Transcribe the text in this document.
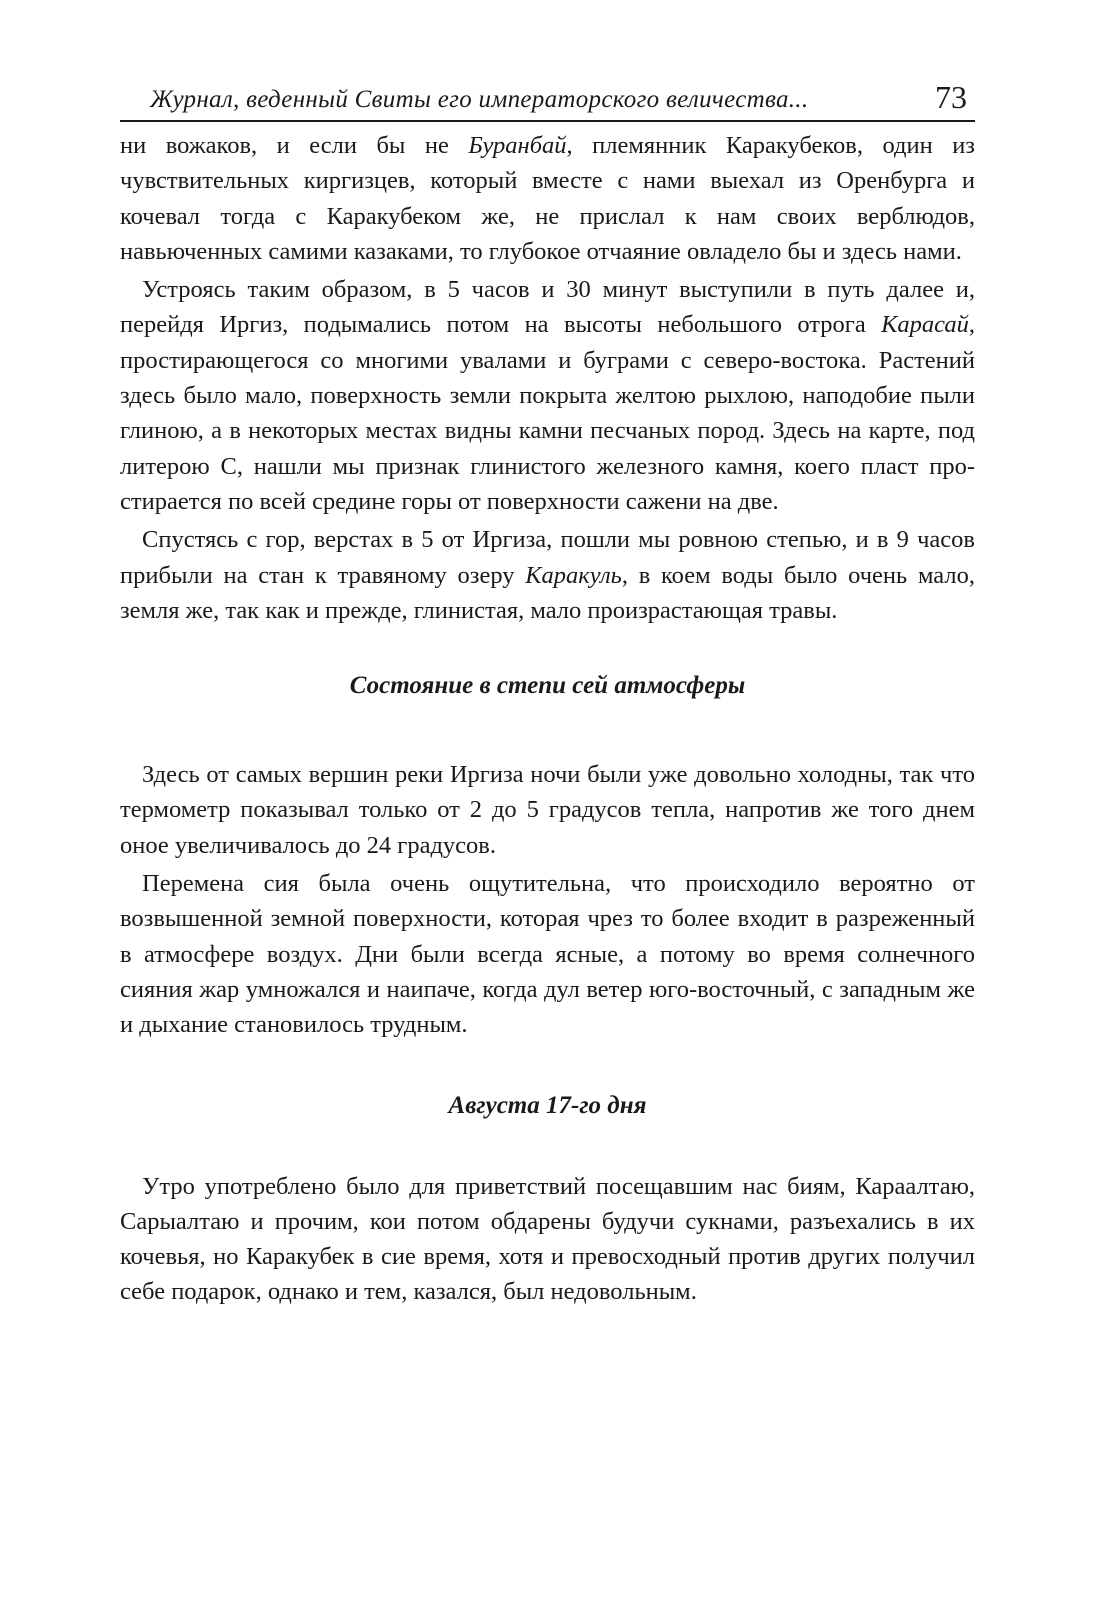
Журнал, веденный Свиты его императорского величества...	73

ни вожаков, и если бы не Буранбай, племянник Каракубеков, один из чувствительных киргизцев, который вместе с нами выехал из Оренбурга и кочевал тогда с Каракубеком же, не прислал к нам своих верблюдов, навьюченных самими казаками, то глубокое отчаяние овладело бы и здесь нами.

Устроясь таким образом, в 5 часов и 30 минут выступили в путь далее и, перейдя Иргиз, подымались потом на высоты небольшого отрога Карасай, простирающегося со многими увалами и буграми с северо-востока. Растений здесь было мало, поверхность земли покрыта желтою рыхлою, наподобие пыли глиною, а в некоторых местах видны камни песчаных пород. Здесь на карте, под литерою С, нашли мы признак глинистого железного камня, коего пласт простирается по всей средине горы от поверхности сажени на две.

Спустясь с гор, верстах в 5 от Иргиза, пошли мы ровною степью, и в 9 часов прибыли на стан к травяному озеру Каракуль, в коем воды было очень мало, земля же, так как и прежде, глинистая, мало произрастающая травы.

Состояние в степи сей атмосферы

Здесь от самых вершин реки Иргиза ночи были уже довольно холодны, так что термометр показывал только от 2 до 5 градусов тепла, напротив же того днем оное увеличивалось до 24 градусов.

Перемена сия была очень ощутительна, что происходило вероятно от возвышенной земной поверхности, которая чрез то более входит в разреженный в атмосфере воздух. Дни были всегда ясные, а потому во время солнечного сияния жар умножался и наипаче, когда дул ветер юго-восточный, с западным же и дыхание становилось трудным.

Августа 17-го дня

Утро употреблено было для приветствий посещавшим нас биям, Караалтаю, Сарыалтаю и прочим, кои потом обдарены будучи сукнами, разъехались в их кочевья, но Каракубек в сие время, хотя и превосходный против других получил себе подарок, однако и тем, казался, был недовольным.
